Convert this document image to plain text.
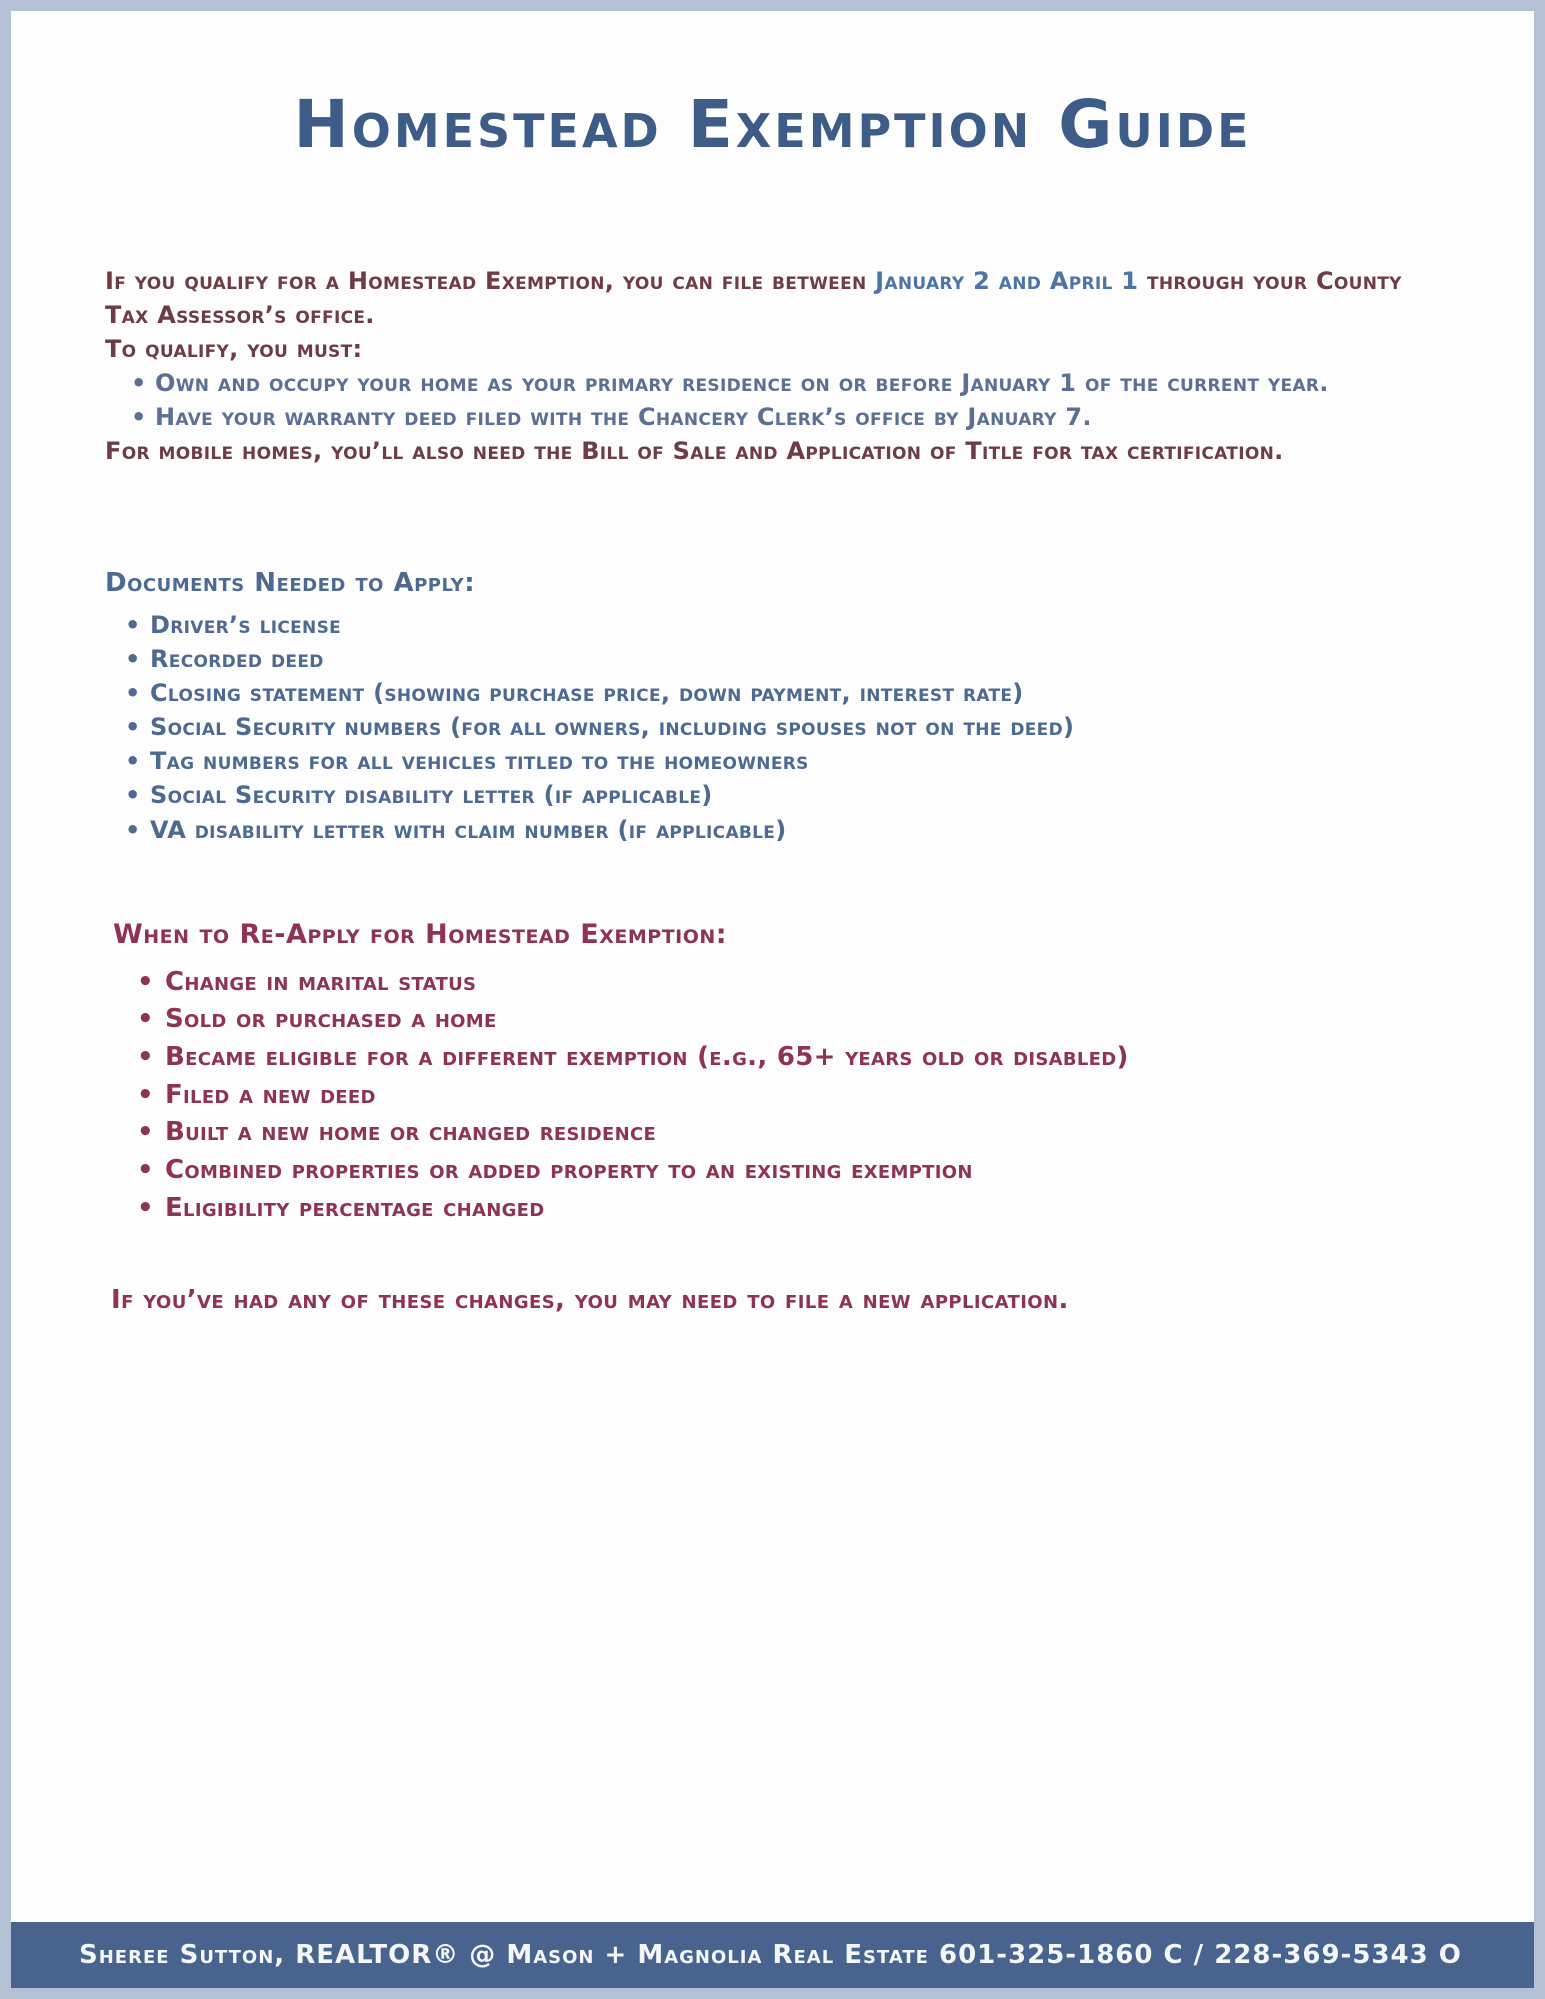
Homestead Exemption Guide

If you qualify for a Homestead Exemption, you can file between January 2 and April 1 through your County Tax Assessor’s office.

To qualify, you must:

• Own and occupy your home as your primary residence on or before January 1 of the current year.
• Have your warranty deed filed with the Chancery Clerk’s office by January 7.

For mobile homes, you’ll also need the Bill of Sale and Application of Title for tax certification.

Documents Needed to Apply:
• Driver’s license
• Recorded deed
• Closing statement (showing purchase price, down payment, interest rate)
• Social Security numbers (for all owners, including spouses not on the deed)
• Tag numbers for all vehicles titled to the homeowners
• Social Security disability letter (if applicable)
• VA disability letter with claim number (if applicable)
When to Re-Apply for Homestead Exemption:
• Change in marital status
• Sold or purchased a home
• Became eligible for a different exemption (e.g., 65+ years old or disabled)
• Filed a new deed
• Built a new home or changed residence
• Combined properties or added property to an existing exemption
• Eligibility percentage changed

If you’ve had any of these changes, you may need to file a new application.

Sheree Sutton, REALTOR® @ Mason + Magnolia Real Estate 601-325-1860 C / 228-369-5343 O
